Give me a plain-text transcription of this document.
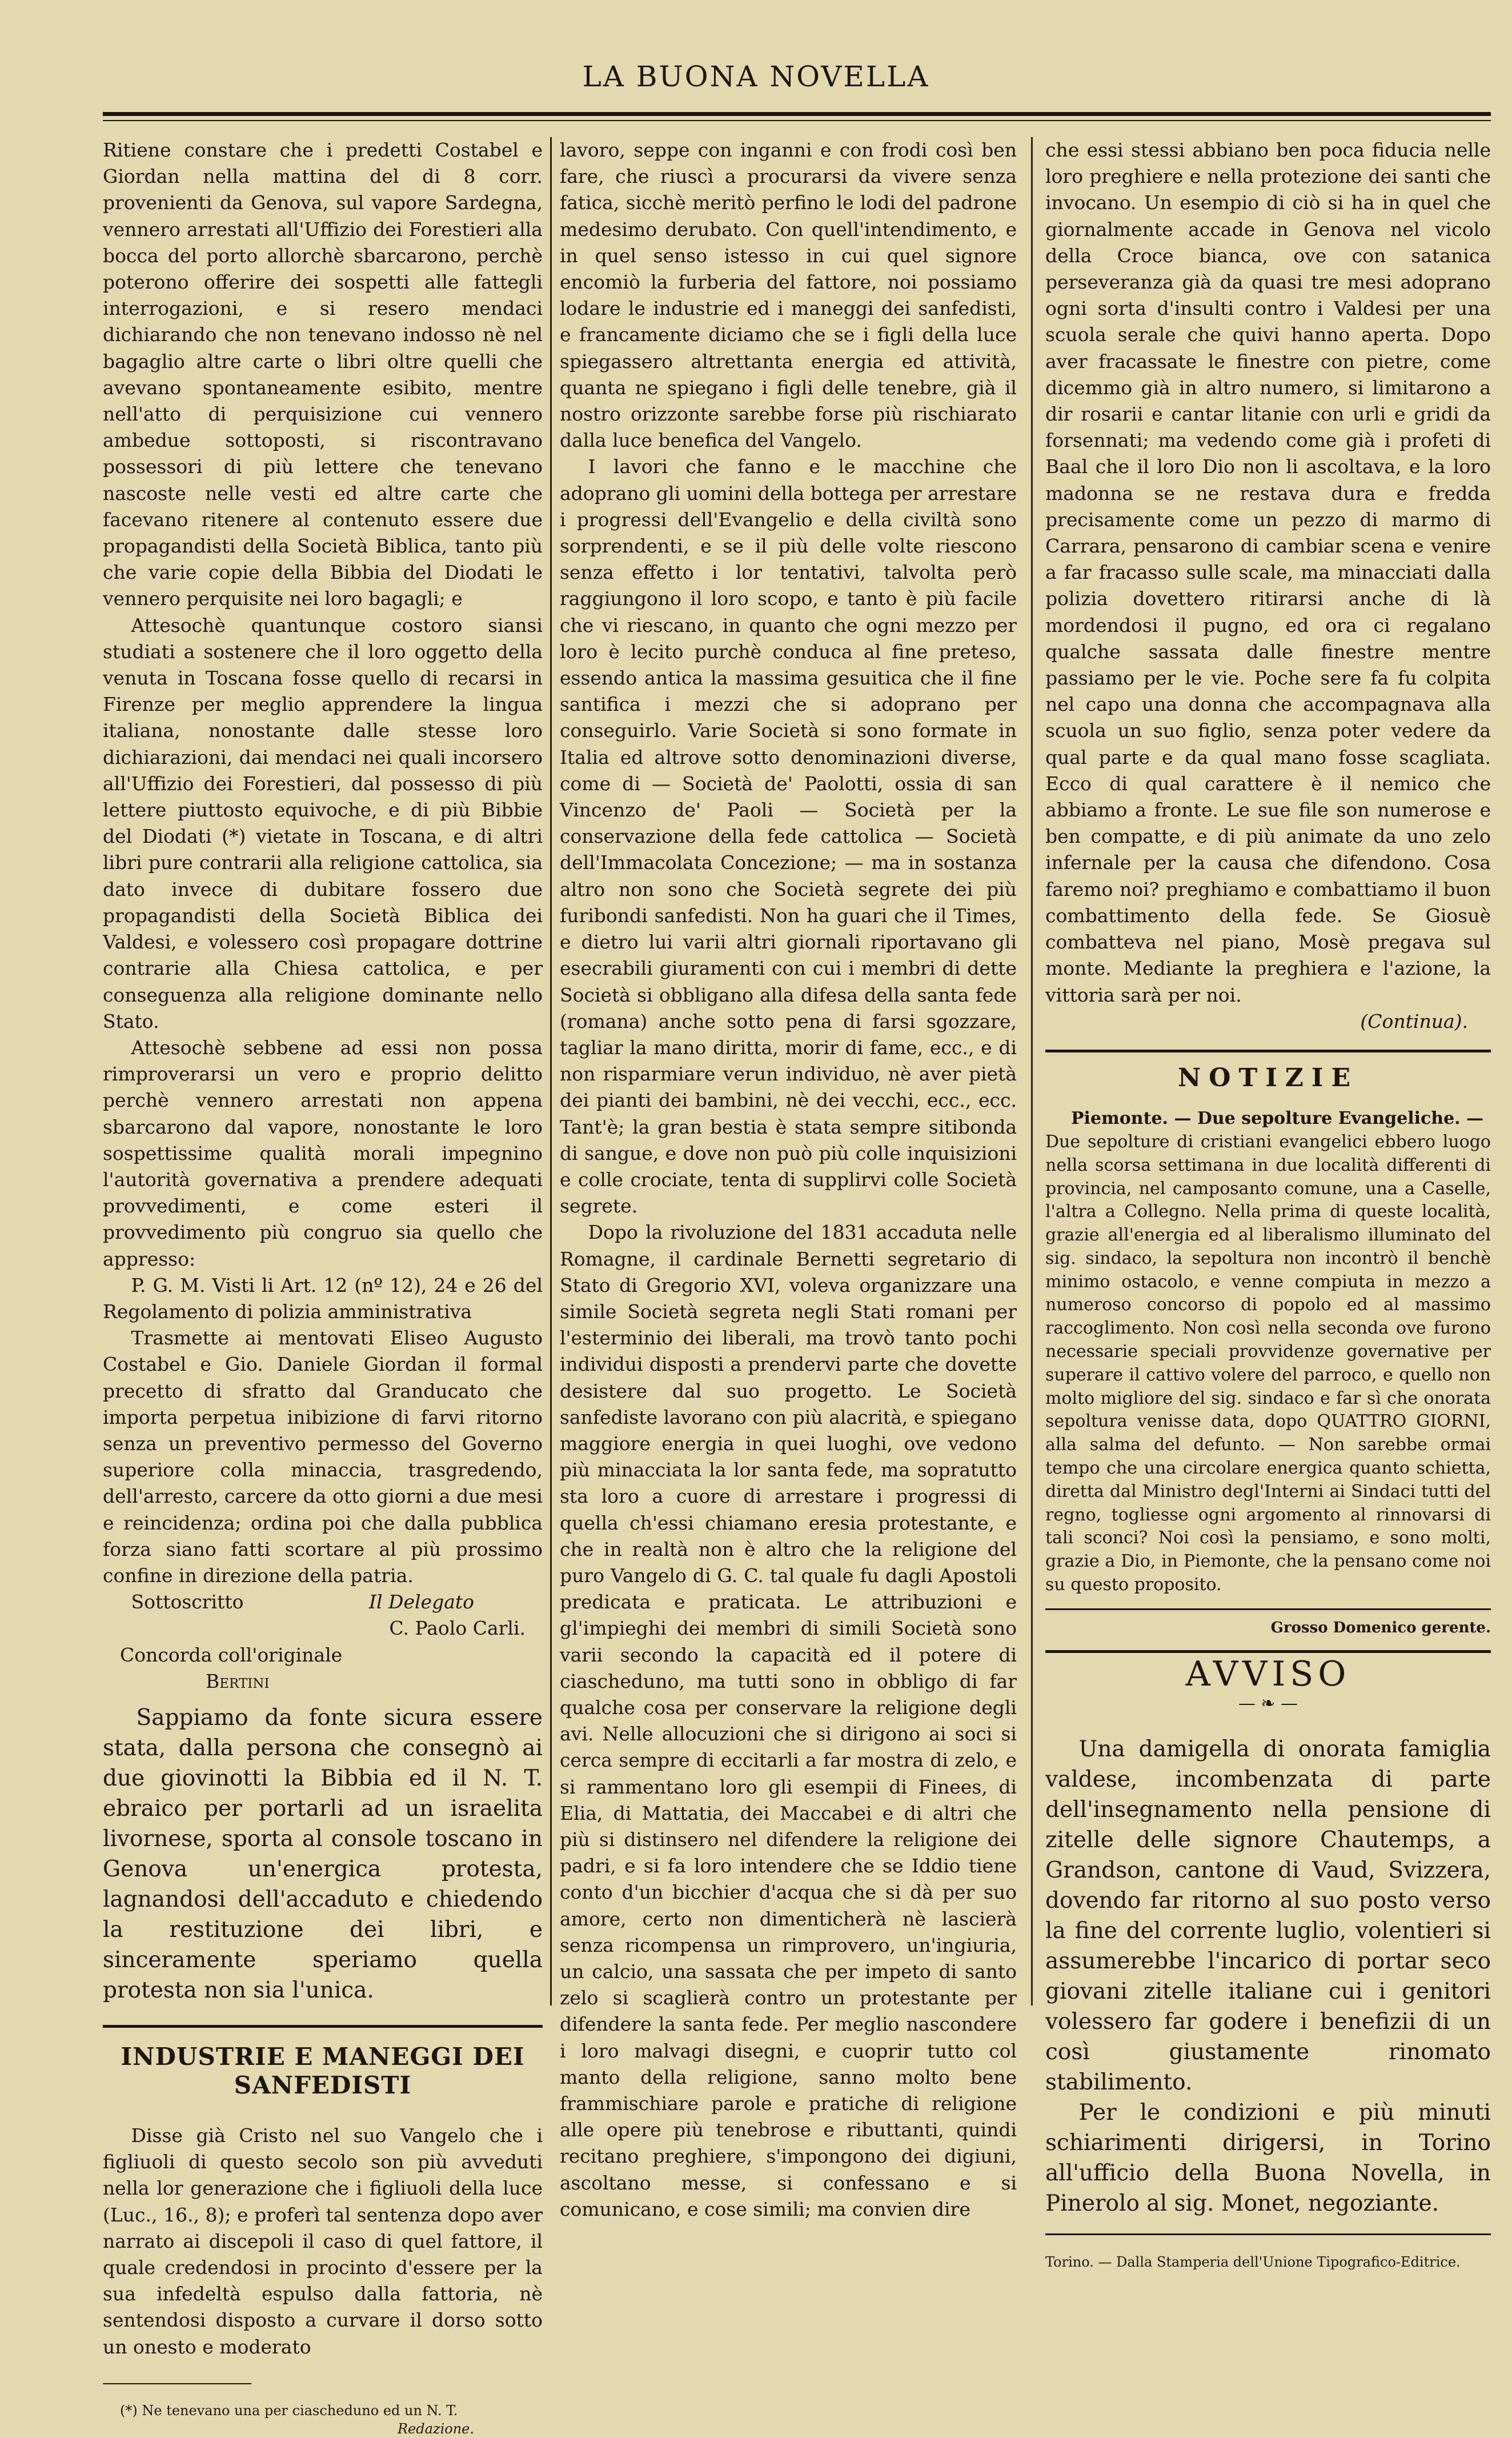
LA BUONA NOVELLA

Ritiene constare che i predetti Costabel e Giordan nella mattina del di 8 corr. provenienti da Genova, sul vapore Sardegna, vennero arrestati all'Uffizio dei Forestieri alla bocca del porto allorchè sbarcarono, perchè poterono offerire dei sospetti alle fattegli interrogazioni, e si resero mendaci dichiarando che non tenevano indosso nè nel bagaglio altre carte o libri oltre quelli che avevano spontaneamente esibito, mentre nell'atto di perquisizione cui vennero ambedue sottoposti, si riscontravano possessori di più lettere che tenevano nascoste nelle vesti ed altre carte che facevano ritenere al contenuto essere due propagandisti della Società Biblica, tanto più che varie copie della Bibbia del Diodati le vennero perquisite nei loro bagagli; e

Attesochè quantunque costoro siansi studiati a sostenere che il loro oggetto della venuta in Toscana fosse quello di recarsi in Firenze per meglio apprendere la lingua italiana, nonostante dalle stesse loro dichiarazioni, dai mendaci nei quali incorsero all'Uffizio dei Forestieri, dal possesso di più lettere piuttosto equivoche, e di più Bibbie del Diodati (*) vietate in Toscana, e di altri libri pure contrarii alla religione cattolica, sia dato invece di dubitare fossero due propagandisti della Società Biblica dei Valdesi, e volessero così propagare dottrine contrarie alla Chiesa cattolica, e per conseguenza alla religione dominante nello Stato.

Attesochè sebbene ad essi non possa rimproverarsi un vero e proprio delitto perchè vennero arrestati non appena sbarcarono dal vapore, nonostante le loro sospettissime qualità morali impegnino l'autorità governativa a prendere adequati provvedimenti, e come esteri il provvedimento più congruo sia quello che appresso:

P. G. M. Visti li Art. 12 (nº 12), 24 e 26 del Regolamento di polizia amministrativa

Trasmette ai mentovati Eliseo Augusto Costabel e Gio. Daniele Giordan il formal precetto di sfratto dal Granducato che importa perpetua inibizione di farvi ritorno senza un preventivo permesso del Governo superiore colla minaccia, trasgredendo, dell'arresto, carcere da otto giorni a due mesi e reincidenza; ordina poi che dalla pubblica forza siano fatti scortare al più prossimo confine in direzione della patria.

Sottoscritto	Il Delegato

C. Paolo Carli.

Concorda coll'originale

Bertini

Sappiamo da fonte sicura essere stata, dalla persona che consegnò ai due giovinotti la Bibbia ed il N. T. ebraico per portarli ad un israelita livornese, sporta al console toscano in Genova un'energica protesta, lagnandosi dell'accaduto e chiedendo la restituzione dei libri, e sinceramente speriamo quella protesta non sia l'unica.

INDUSTRIE E MANEGGI DEI SANFEDISTI

Disse già Cristo nel suo Vangelo che i figliuoli di questo secolo son più avveduti nella lor generazione che i figliuoli della luce (Luc., 16., 8); e proferì tal sentenza dopo aver narrato ai discepoli il caso di quel fattore, il quale credendosi in procinto d'essere per la sua infedeltà espulso dalla fattoria, nè sentendosi disposto a curvare il dorso sotto un onesto e moderato

(*) Ne tenevano una per ciascheduno ed un N. T.
Redazione.

lavoro, seppe con inganni e con frodi così ben fare, che riuscì a procurarsi da vivere senza fatica, sicchè meritò perfino le lodi del padrone medesimo derubato. Con quell'intendimento, e in quel senso istesso in cui quel signore encomiò la furberia del fattore, noi possiamo lodare le industrie ed i maneggi dei sanfedisti, e francamente diciamo che se i figli della luce spiegassero altrettanta energia ed attività, quanta ne spiegano i figli delle tenebre, già il nostro orizzonte sarebbe forse più rischiarato dalla luce benefica del Vangelo.

I lavori che fanno e le macchine che adoprano gli uomini della bottega per arrestare i progressi dell'Evangelio e della civiltà sono sorprendenti, e se il più delle volte riescono senza effetto i lor tentativi, talvolta però raggiungono il loro scopo, e tanto è più facile che vi riescano, in quanto che ogni mezzo per loro è lecito purchè conduca al fine preteso, essendo antica la massima gesuitica che il fine santifica i mezzi che si adoprano per conseguirlo. Varie Società si sono formate in Italia ed altrove sotto denominazioni diverse, come di — Società de' Paolotti, ossia di san Vincenzo de' Paoli — Società per la conservazione della fede cattolica — Società dell'Immacolata Concezione; — ma in sostanza altro non sono che Società segrete dei più furibondi sanfedisti. Non ha guari che il Times, e dietro lui varii altri giornali riportavano gli esecrabili giuramenti con cui i membri di dette Società si obbligano alla difesa della santa fede (romana) anche sotto pena di farsi sgozzare, tagliar la mano diritta, morir di fame, ecc., e di non risparmiare verun individuo, nè aver pietà dei pianti dei bambini, nè dei vecchi, ecc., ecc. Tant'è; la gran bestia è stata sempre sitibonda di sangue, e dove non può più colle inquisizioni e colle crociate, tenta di supplirvi colle Società segrete.

Dopo la rivoluzione del 1831 accaduta nelle Romagne, il cardinale Bernetti segretario di Stato di Gregorio XVI, voleva organizzare una simile Società segreta negli Stati romani per l'esterminio dei liberali, ma trovò tanto pochi individui disposti a prendervi parte che dovette desistere dal suo progetto. Le Società sanfediste lavorano con più alacrità, e spiegano maggiore energia in quei luoghi, ove vedono più minacciata la lor santa fede, ma sopratutto sta loro a cuore di arrestare i progressi di quella ch'essi chiamano eresia protestante, e che in realtà non è altro che la religione del puro Vangelo di G. C. tal quale fu dagli Apostoli predicata e praticata. Le attribuzioni e gl'impieghi dei membri di simili Società sono varii secondo la capacità ed il potere di ciascheduno, ma tutti sono in obbligo di far qualche cosa per conservare la religione degli avi. Nelle allocuzioni che si dirigono ai soci si cerca sempre di eccitarli a far mostra di zelo, e si rammentano loro gli esempii di Finees, di Elia, di Mattatia, dei Maccabei e di altri che più si distinsero nel difendere la religione dei padri, e si fa loro intendere che se Iddio tiene conto d'un bicchier d'acqua che si dà per suo amore, certo non dimenticherà nè lascierà senza ricompensa un rimprovero, un'ingiuria, un calcio, una sassata che per impeto di santo zelo si scaglierà contro un protestante per difendere la santa fede. Per meglio nascondere i loro malvagi disegni, e cuoprir tutto col manto della religione, sanno molto bene frammischiare parole e pratiche di religione alle opere più tenebrose e ributtanti, quindi recitano preghiere, s'impongono dei digiuni, ascoltano messe, si confessano e si comunicano, e cose simili; ma convien dire

che essi stessi abbiano ben poca fiducia nelle loro preghiere e nella protezione dei santi che invocano. Un esempio di ciò si ha in quel che giornalmente accade in Genova nel vicolo della Croce bianca, ove con satanica perseveranza già da quasi tre mesi adoprano ogni sorta d'insulti contro i Valdesi per una scuola serale che quivi hanno aperta. Dopo aver fracassate le finestre con pietre, come dicemmo già in altro numero, si limitarono a dir rosarii e cantar litanie con urli e gridi da forsennati; ma vedendo come già i profeti di Baal che il loro Dio non li ascoltava, e la loro madonna se ne restava dura e fredda precisamente come un pezzo di marmo di Carrara, pensarono di cambiar scena e venire a far fracasso sulle scale, ma minacciati dalla polizia dovettero ritirarsi anche di là mordendosi il pugno, ed ora ci regalano qualche sassata dalle finestre mentre passiamo per le vie. Poche sere fa fu colpita nel capo una donna che accompagnava alla scuola un suo figlio, senza poter vedere da qual parte e da qual mano fosse scagliata. Ecco di qual carattere è il nemico che abbiamo a fronte. Le sue file son numerose e ben compatte, e di più animate da uno zelo infernale per la causa che difendono. Cosa faremo noi? preghiamo e combattiamo il buon combattimento della fede. Se Giosuè combatteva nel piano, Mosè pregava sul monte. Mediante la preghiera e l'azione, la vittoria sarà per noi.

(Continua).

NOTIZIE

Piemonte. — Due sepolture Evangeliche. —

Due sepolture di cristiani evangelici ebbero luogo nella scorsa settimana in due località differenti di provincia, nel camposanto comune, una a Caselle, l'altra a Collegno. Nella prima di queste località, grazie all'energia ed al liberalismo illuminato del sig. sindaco, la sepoltura non incontrò il benchè minimo ostacolo, e venne compiuta in mezzo a numeroso concorso di popolo ed al massimo raccoglimento. Non così nella seconda ove furono necessarie speciali provvidenze governative per superare il cattivo volere del parroco, e quello non molto migliore del sig. sindaco e far sì che onorata sepoltura venisse data, dopo QUATTRO GIORNI, alla salma del defunto. — Non sarebbe ormai tempo che una circolare energica quanto schietta, diretta dal Ministro degl'Interni ai Sindaci tutti del regno, togliesse ogni argomento al rinnovarsi di tali sconci? Noi così la pensiamo, e sono molti, grazie a Dio, in Piemonte, che la pensano come noi su questo proposito.

Grosso Domenico gerente.

AVVISO
— ❧ —

Una damigella di onorata famiglia valdese, incombenzata di parte dell'insegnamento nella pensione di zitelle delle signore Chautemps, a Grandson, cantone di Vaud, Svizzera, dovendo far ritorno al suo posto verso la fine del corrente luglio, volentieri si assumerebbe l'incarico di portar seco giovani zitelle italiane cui i genitori volessero far godere i benefizii di un così giustamente rinomato stabilimento.

Per le condizioni e più minuti schiarimenti dirigersi, in Torino all'ufficio della Buona Novella, in Pinerolo al sig. Monet, negoziante.

Torino. — Dalla Stamperia dell'Unione Tipografico-Editrice.
